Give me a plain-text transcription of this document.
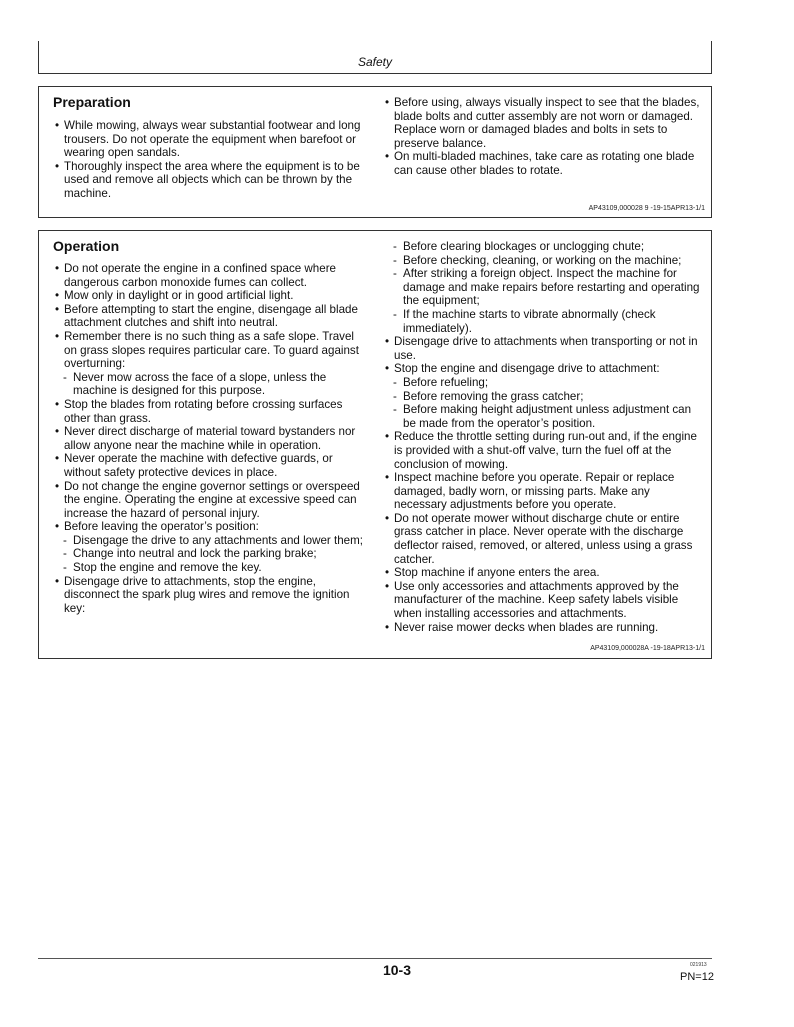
Safety
Preparation
• While mowing, always wear substantial footwear and long trousers. Do not operate the equipment when barefoot or wearing open sandals.
• Thoroughly inspect the area where the equipment is to be used and remove all objects which can be thrown by the machine.
• Before using, always visually inspect to see that the blades, blade bolts and cutter assembly are not worn or damaged. Replace worn or damaged blades and bolts in sets to preserve balance.
• On multi-bladed machines, take care as rotating one blade can cause other blades to rotate.
AP43109,000028 9 -19-15APR13-1/1
Operation
• Do not operate the engine in a confined space where dangerous carbon monoxide fumes can collect.
• Mow only in daylight or in good artificial light.
• Before attempting to start the engine, disengage all blade attachment clutches and shift into neutral.
• Remember there is no such thing as a safe slope. Travel on grass slopes requires particular care. To guard against overturning:
- Never mow across the face of a slope, unless the machine is designed for this purpose.
• Stop the blades from rotating before crossing surfaces other than grass.
• Never direct discharge of material toward bystanders nor allow anyone near the machine while in operation.
• Never operate the machine with defective guards, or without safety protective devices in place.
• Do not change the engine governor settings or overspeed the engine. Operating the engine at excessive speed can increase the hazard of personal injury.
• Before leaving the operator’s position:
- Disengage the drive to any attachments and lower them;
- Change into neutral and lock the parking brake;
- Stop the engine and remove the key.
• Disengage drive to attachments, stop the engine, disconnect the spark plug wires and remove the ignition key:
- Before clearing blockages or unclogging chute;
- Before checking, cleaning, or working on the machine;
- After striking a foreign object. Inspect the machine for damage and make repairs before restarting and operating the equipment;
- If the machine starts to vibrate abnormally (check immediately).
• Disengage drive to attachments when transporting or not in use.
• Stop the engine and disengage drive to attachment:
- Before refueling;
- Before removing the grass catcher;
- Before making height adjustment unless adjustment can be made from the operator’s position.
• Reduce the throttle setting during run-out and, if the engine is provided with a shut-off valve, turn the fuel off at the conclusion of mowing.
• Inspect machine before you operate. Repair or replace damaged, badly worn, or missing parts. Make any necessary adjustments before you operate.
• Do not operate mower without discharge chute or entire grass catcher in place. Never operate with the discharge deflector raised, removed, or altered, unless using a grass catcher.
• Stop machine if anyone enters the area.
• Use only accessories and attachments approved by the manufacturer of the machine. Keep safety labels visible when installing accessories and attachments.
• Never raise mower decks when blades are running.
AP43109,000028A -19-18APR13-1/1
10-3	021913
PN=12
